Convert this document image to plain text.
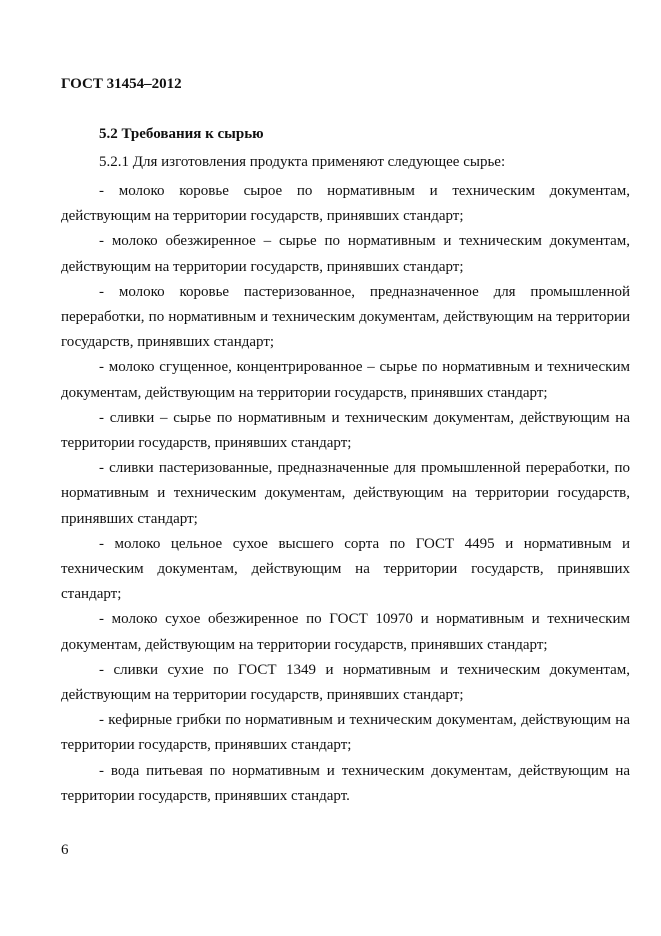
ГОСТ 31454–2012
5.2 Требования к сырью
5.2.1 Для изготовления продукта применяют следующее сырье:

- молоко коровье сырое по нормативным и техническим документам, действующим на территории государств, принявших стандарт;

- молоко обезжиренное – сырье по нормативным и техническим документам, действующим на территории государств, принявших стандарт;

- молоко коровье пастеризованное, предназначенное для промышленной переработки, по нормативным и техническим документам, действующим на территории государств, принявших стандарт;

- молоко сгущенное, концентрированное – сырье по нормативным и техническим документам, действующим на территории государств, принявших стандарт;

- сливки – сырье по нормативным и техническим документам, действующим на территории государств, принявших стандарт;

- сливки пастеризованные, предназначенные для промышленной переработки, по нормативным и техническим документам, действующим на территории государств, принявших стандарт;

- молоко цельное сухое высшего сорта по ГОСТ 4495 и нормативным и техническим документам, действующим на территории государств, принявших стандарт;

- молоко сухое обезжиренное по ГОСТ 10970 и нормативным и техническим документам, действующим на территории государств, принявших стандарт;

- сливки сухие по ГОСТ 1349 и нормативным и техническим документам, действующим на территории государств, принявших стандарт;

- кефирные грибки по нормативным и техническим документам, действующим на территории государств, принявших стандарт;

- вода питьевая по нормативным и техническим документам, действующим на территории государств, принявших стандарт.

6
